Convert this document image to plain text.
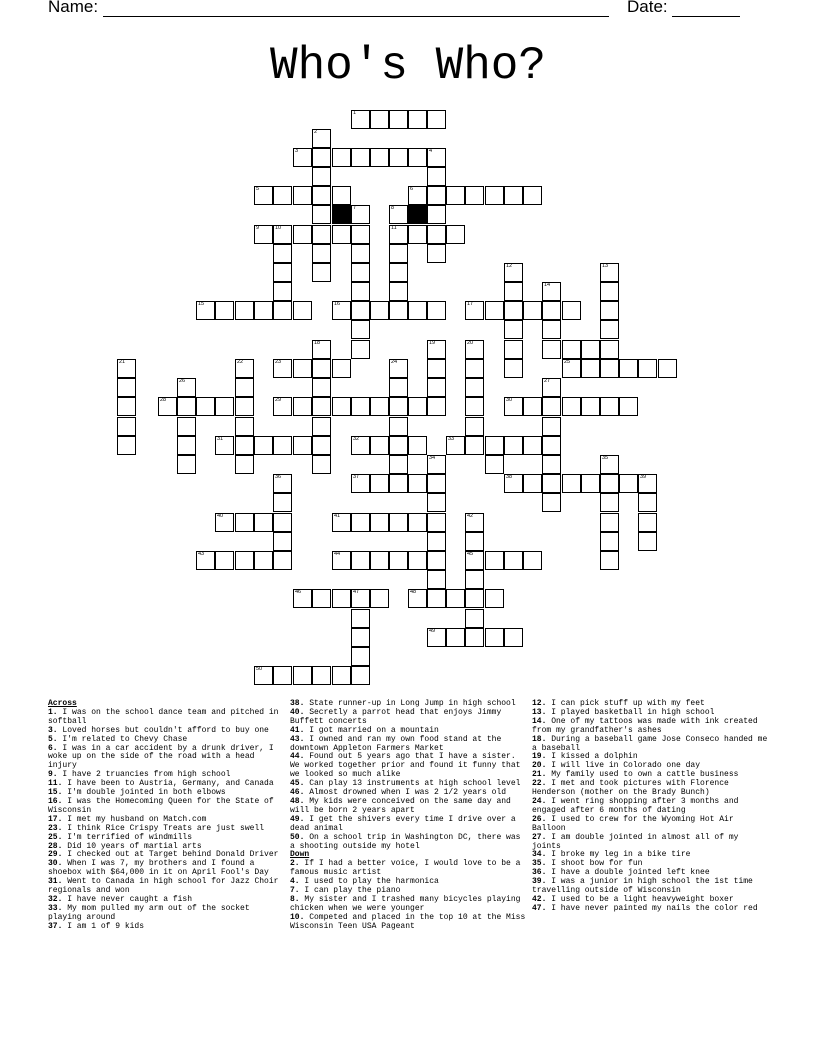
Name:	Date:
Who's Who?
1
2
3	4
5	6
7	8
9	10	11
12	13
14
15	16	17
18	19	20
21	22	23	24	25
26	27
28	29	30
31	32	33
34	35
36	37	38	39
40	41	42
43	44	45
46	47	48
49
50
Across
1. I was on the school dance team and pitched in softball
3. Loved horses but couldn't afford to buy one
5. I'm related to Chevy Chase
6. I was in a car accident by a drunk driver, I woke up on the side of the road with a head injury
9. I have 2 truancies from high school
11. I have been to Austria, Germany, and Canada
15. I'm double jointed in both elbows
16. I was the Homecoming Queen for the State of Wisconsin
17. I met my husband on Match.com
23. I think Rice Crispy Treats are just swell
25. I'm terrified of windmills
28. Did 10 years of martial arts
29. I checked out at Target behind Donald Driver
30. When I was 7, my brothers and I found a shoebox with $64,000 in it on April Fool's Day
31. Went to Canada in high school for Jazz Choir regionals and won
32. I have never caught a fish
33. My mom pulled my arm out of the socket playing around
37. I am 1 of 9 kids
38. State runner-up in Long Jump in high school
40. Secretly a parrot head that enjoys Jimmy Buffett concerts
41. I got married on a mountain
43. I owned and ran my own food stand at the downtown Appleton Farmers Market
44. Found out 5 years ago that I have a sister. We worked together prior and found it funny that we looked so much alike
45. Can play 13 instruments at high school level
46. Almost drowned when I was 2 1/2 years old
48. My kids were conceived on the same day and will be born 2 years apart
49. I get the shivers every time I drive over a dead animal
50. On a school trip in Washington DC, there was a shooting outside my hotel
Down
2. If I had a better voice, I would love to be a famous music artist
4. I used to play the harmonica
7. I can play the piano
8. My sister and I trashed many bicycles playing chicken when we were younger
10. Competed and placed in the top 10 at the Miss Wisconsin Teen USA Pageant
12. I can pick stuff up with my feet
13. I played basketball in high school
14. One of my tattoos was made with ink created from my grandfather's ashes
18. During a baseball game Jose Conseco handed me a baseball
19. I kissed a dolphin
20. I will live in Colorado one day
21. My family used to own a cattle business
22. I met and took pictures with Florence Henderson (mother on the Brady Bunch)
24. I went ring shopping after 3 months and engaged after 6 months of dating
26. I used to crew for the Wyoming Hot Air Balloon
27. I am double jointed in almost all of my joints
34. I broke my leg in a bike tire
35. I shoot bow for fun
36. I have a double jointed left knee
39. I was a junior in high school the 1st time travelling outside of Wisconsin
42. I used to be a light heavyweight boxer
47. I have never painted my nails the color red
